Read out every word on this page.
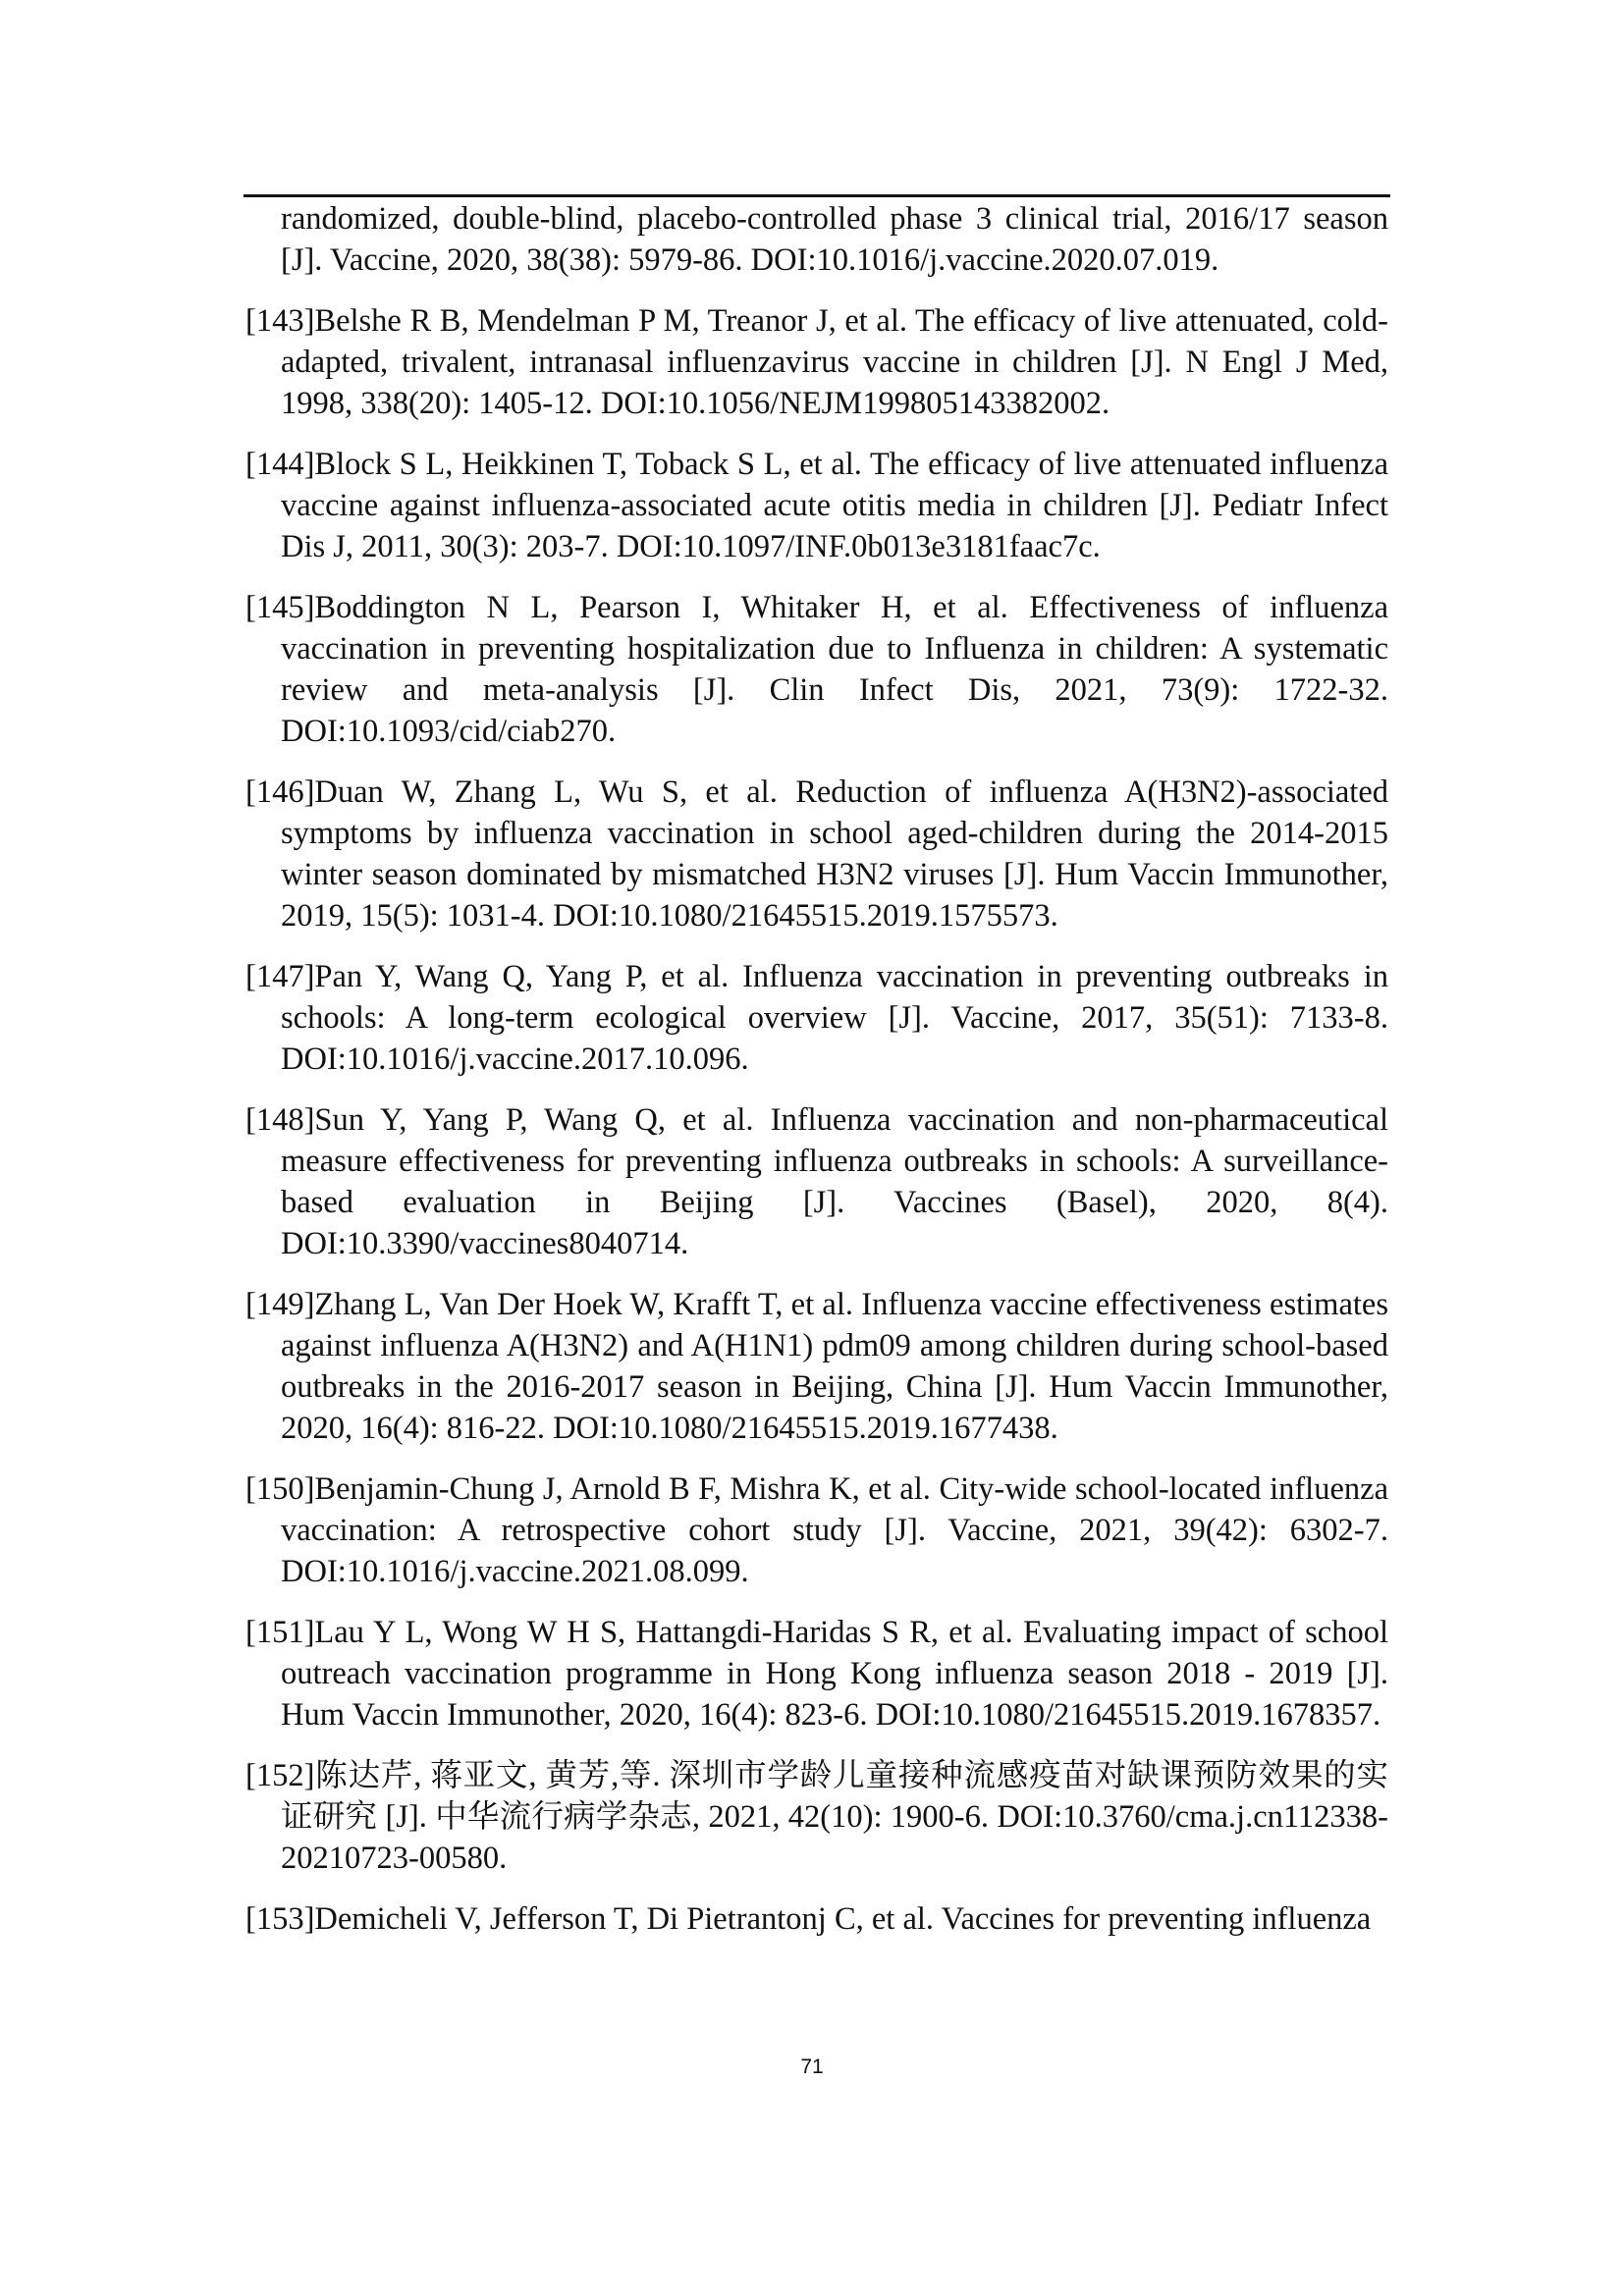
randomized, double-blind, placebo-controlled phase 3 clinical trial, 2016/17 season [J]. Vaccine, 2020, 38(38): 5979-86. DOI:10.1016/j.vaccine.2020.07.019.

[143]Belshe R B, Mendelman P M, Treanor J, et al. The efficacy of live attenuated, cold-adapted, trivalent, intranasal influenzavirus vaccine in children [J]. N Engl J Med, 1998, 338(20): 1405-12. DOI:10.1056/NEJM199805143382002.

[144]Block S L, Heikkinen T, Toback S L, et al. The efficacy of live attenuated influenza vaccine against influenza-associated acute otitis media in children [J]. Pediatr Infect Dis J, 2011, 30(3): 203-7. DOI:10.1097/INF.0b013e3181faac7c.

[145]Boddington N L, Pearson I, Whitaker H, et al. Effectiveness of influenza vaccination in preventing hospitalization due to Influenza in children: A systematic review and meta-analysis [J]. Clin Infect Dis, 2021, 73(9): 1722-32. DOI:10.1093/cid/ciab270.

[146]Duan W, Zhang L, Wu S, et al. Reduction of influenza A(H3N2)-associated symptoms by influenza vaccination in school aged-children during the 2014-2015 winter season dominated by mismatched H3N2 viruses [J]. Hum Vaccin Immunother, 2019, 15(5): 1031-4. DOI:10.1080/21645515.2019.1575573.

[147]Pan Y, Wang Q, Yang P, et al. Influenza vaccination in preventing outbreaks in schools: A long-term ecological overview [J]. Vaccine, 2017, 35(51): 7133-8. DOI:10.1016/j.vaccine.2017.10.096.

[148]Sun Y, Yang P, Wang Q, et al. Influenza vaccination and non-pharmaceutical measure effectiveness for preventing influenza outbreaks in schools: A surveillance-based evaluation in Beijing [J]. Vaccines (Basel), 2020, 8(4). DOI:10.3390/vaccines8040714.

[149]Zhang L, Van Der Hoek W, Krafft T, et al. Influenza vaccine effectiveness estimates against influenza A(H3N2) and A(H1N1) pdm09 among children during school-based outbreaks in the 2016-2017 season in Beijing, China [J]. Hum Vaccin Immunother, 2020, 16(4): 816-22. DOI:10.1080/21645515.2019.1677438.

[150]Benjamin-Chung J, Arnold B F, Mishra K, et al. City-wide school-located influenza vaccination: A retrospective cohort study [J]. Vaccine, 2021, 39(42): 6302-7. DOI:10.1016/j.vaccine.2021.08.099.

[151]Lau Y L, Wong W H S, Hattangdi-Haridas S R, et al. Evaluating impact of school outreach vaccination programme in Hong Kong influenza season 2018 - 2019 [J]. Hum Vaccin Immunother, 2020, 16(4): 823-6. DOI:10.1080/21645515.2019.1678357.

[152]陈达芹, 蒋亚文, 黄芳,等. 深圳市学龄儿童接种流感疫苗对缺课预防效果的实证研究 [J]. 中华流行病学杂志, 2021, 42(10): 1900-6. DOI:10.3760/cma.j.cn112338-20210723-00580.

[153]Demicheli V, Jefferson T, Di Pietrantonj C, et al. Vaccines for preventing influenza

71
